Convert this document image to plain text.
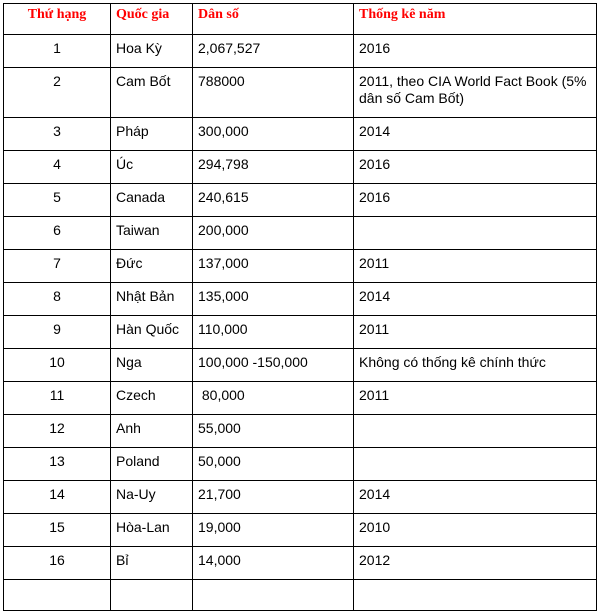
Thứ hạng	Quốc gia	Dân số	Thống kê năm
1	Hoa Kỳ	2,067,527	2016
2	Cam Bốt	788000	2011, theo CIA World Fact Book (5% dân số Cam Bốt)
3	Pháp	300,000	2014
4	Úc	294,798	2016
5	Canada	240,615	2016
6	Taiwan	200,000	
7	Đức	137,000	2011
8	Nhật Bản	135,000	2014
9	Hàn Quốc	110,000	2011
10	Nga	100,000 -150,000	Không có thống kê chính thức
11	Czech	80,000	2011
12	Anh	55,000	
13	Poland	50,000	
14	Na-Uy	21,700	2014
15	Hòa-Lan	19,000	2010
16	Bỉ	14,000	2012
